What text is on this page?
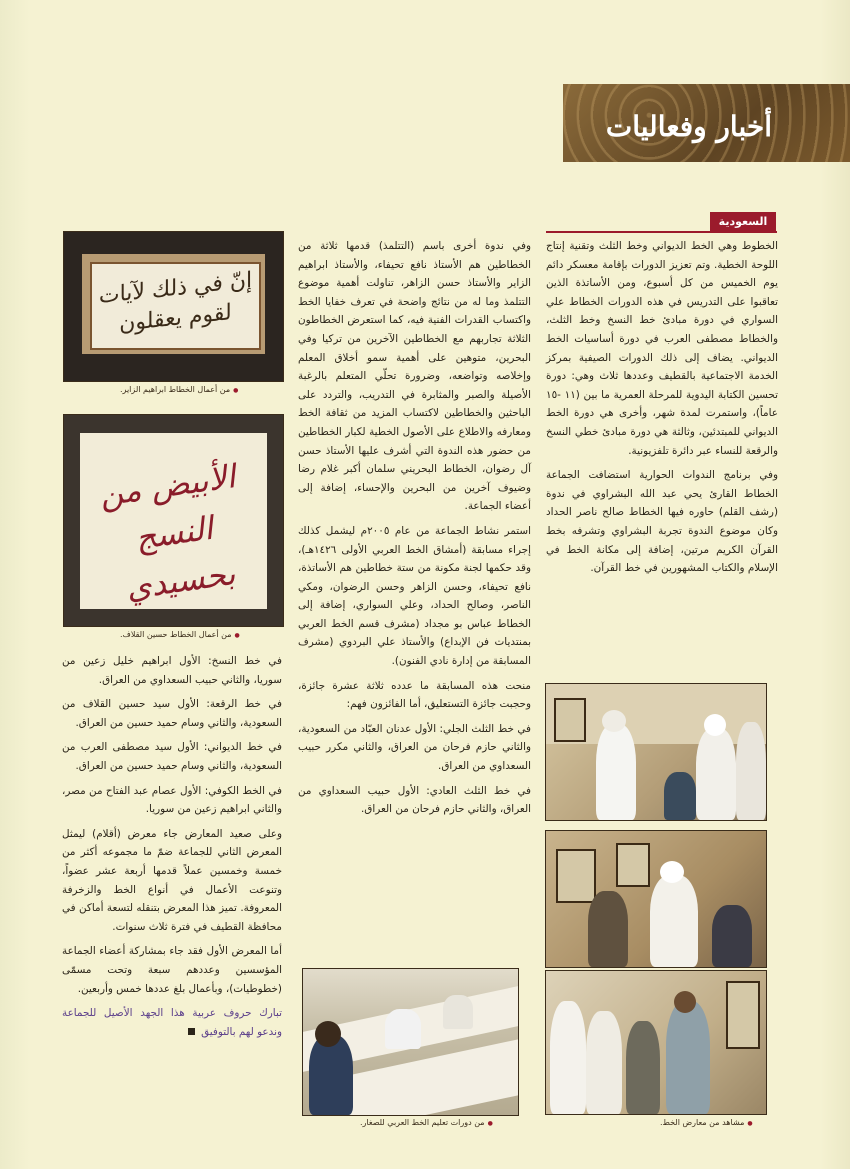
أخبار وفعاليات
السعودية

الخطوط وهي الخط الديواني وخط الثلث وتقنية إنتاج اللوحة الخطية. وتم تعزيز الدورات بإقامة معسكر دائم يوم الخميس من كل أسبوع، ومن الأساتذة الذين تعاقبوا على التدريس في هذه الدورات الخطاط علي السواري في دورة مبادئ خط النسخ وخط الثلث، والخطاط مصطفى العرب في دورة أساسيات الخط الديواني. يضاف إلى ذلك الدورات الصيفية بمركز الخدمة الاجتماعية بالقطيف وعددها ثلاث وهي: دورة تحسين الكتابة اليدوية للمرحلة العمرية ما بين (١١ -١٥ عاماً)، واستمرت لمدة شهر، وأخرى هي دورة الخط الديواني للمبتدئين، وثالثة هي دورة مبادئ خطي النسخ والرقعة للنساء عبر دائرة تلفزيونية.

وفي برنامج الندوات الحوارية استضافت الجماعة الخطاط القارئ يحي عبد الله البشراوي في ندوة (رشف القلم) حاوره فيها الخطاط صالح ناصر الحداد وكان موضوع الندوة تجربة البشراوي وتشرفه بخط القرآن الكريم مرتين، إضافة إلى مكانة الخط في الإسلام والكتاب المشهورين في خط القرآن.

وفي ندوة أخرى باسم (التتلمذ) قدمها ثلاثة من الخطاطين هم الأستاذ نافع تحيفاء، والأستاذ ابراهيم الزاير والأستاذ حسن الزاهر، تناولت أهمية موضوع التتلمذ وما له من نتائج واضحة في تعرف خفايا الخط واكتساب القدرات الفنية فيه، كما استعرض الخطاطون الثلاثة تجاربهم مع الخطاطين الآخرين من تركيا وفي البحرين، متوهين على أهمية سمو أخلاق المعلم وإخلاصه وتواضعه، وضرورة تحلّي المتعلم بالرغبة الأصيلة والصبر والمثابرة في التدريب، والتردد على الباحثين والخطاطين لاكتساب المزيد من ثقافة الخط ومعارفه والاطلاع على الأصول الخطية لكبار الخطاطين من حضور هذه الندوة التي أشرف عليها الأستاذ حسن آل رضوان، الخطاط البحريني سلمان أكبر غلام رضا وضيوف آخرين من البحرين والإحساء، إضافة إلى أعضاء الجماعة.

استمر نشاط الجماعة من عام ٢٠٠٥م ليشمل كذلك إجراء مسابقة (أمشاق الخط العربي الأولى ١٤٢٦هـ)، وقد حكمها لجنة مكونة من ستة خطاطين هم الأساتذة، نافع تحيفاء، وحسن الزاهر وحسن الرضوان، ومكي الناصر، وصالح الحداد، وعلي السواري، إضافة إلى الخطاط عباس بو مجداد (مشرف قسم الخط العربي بمنتديات فن الإبداع) والأستاذ علي البردوي (مشرف المسابقة من إدارة نادي الفنون).

منحت هذه المسابقة ما عدده ثلاثة عشرة جائزة، وحجبت جائزة التستعليق، أما الفائزون فهم:

في خط الثلث الجلي: الأول عدنان العبّاد من السعودية، والثاني حازم فرحان من العراق، والثاني مكرر حبيب السعداوي من العراق.

في خط الثلث العادي: الأول حبيب السعداوي من العراق، والثاني حازم فرحان من العراق.

في خط النسخ: الأول ابراهيم خليل زعين من سوريا، والثاني حبيب السعداوي من العراق.

في خط الرقعة: الأول سيد حسين القلاف من السعودية، والثاني وسام حميد حسين من العراق.

في خط الديواني: الأول سيد مصطفى العرب من السعودية، والثاني وسام حميد حسين من العراق.

في الخط الكوفي: الأول عصام عبد الفتاح من مصر، والثاني ابراهيم زعين من سوريا.

وعلى صعيد المعارض جاء معرض (أقلام) ليمثل المعرض الثاني للجماعة ضمّ ما مجموعه أكثر من خمسة وخمسين عملاً قدمها أربعة عشر عضواً، وتنوعت الأعمال في أنواع الخط والزخرفة المعروفة. تميز هذا المعرض بتنقله لتسعة أماكن في محافظة القطيف في فترة ثلاث سنوات.

أما المعرض الأول فقد جاء بمشاركة أعضاء الجماعة المؤسسين وعددهم سبعة وتحت مسمّى (خطوطيات)، وبأعمال بلغ عددها خمس وأربعين.

تبارك حروف عربية هذا الجهد الأصيل للجماعة وندعو لهم بالتوفيق

إنّ في ذلك لآيات لقوم يعقلون
● من أعمال الخطاط ابراهيم الزاير.
الأبيض من النسج بحسيدي
● من أعمال الخطاط حسين القلاف.
● مشاهد من معارض الخط.
● من دورات تعليم الخط العربي للصغار.
